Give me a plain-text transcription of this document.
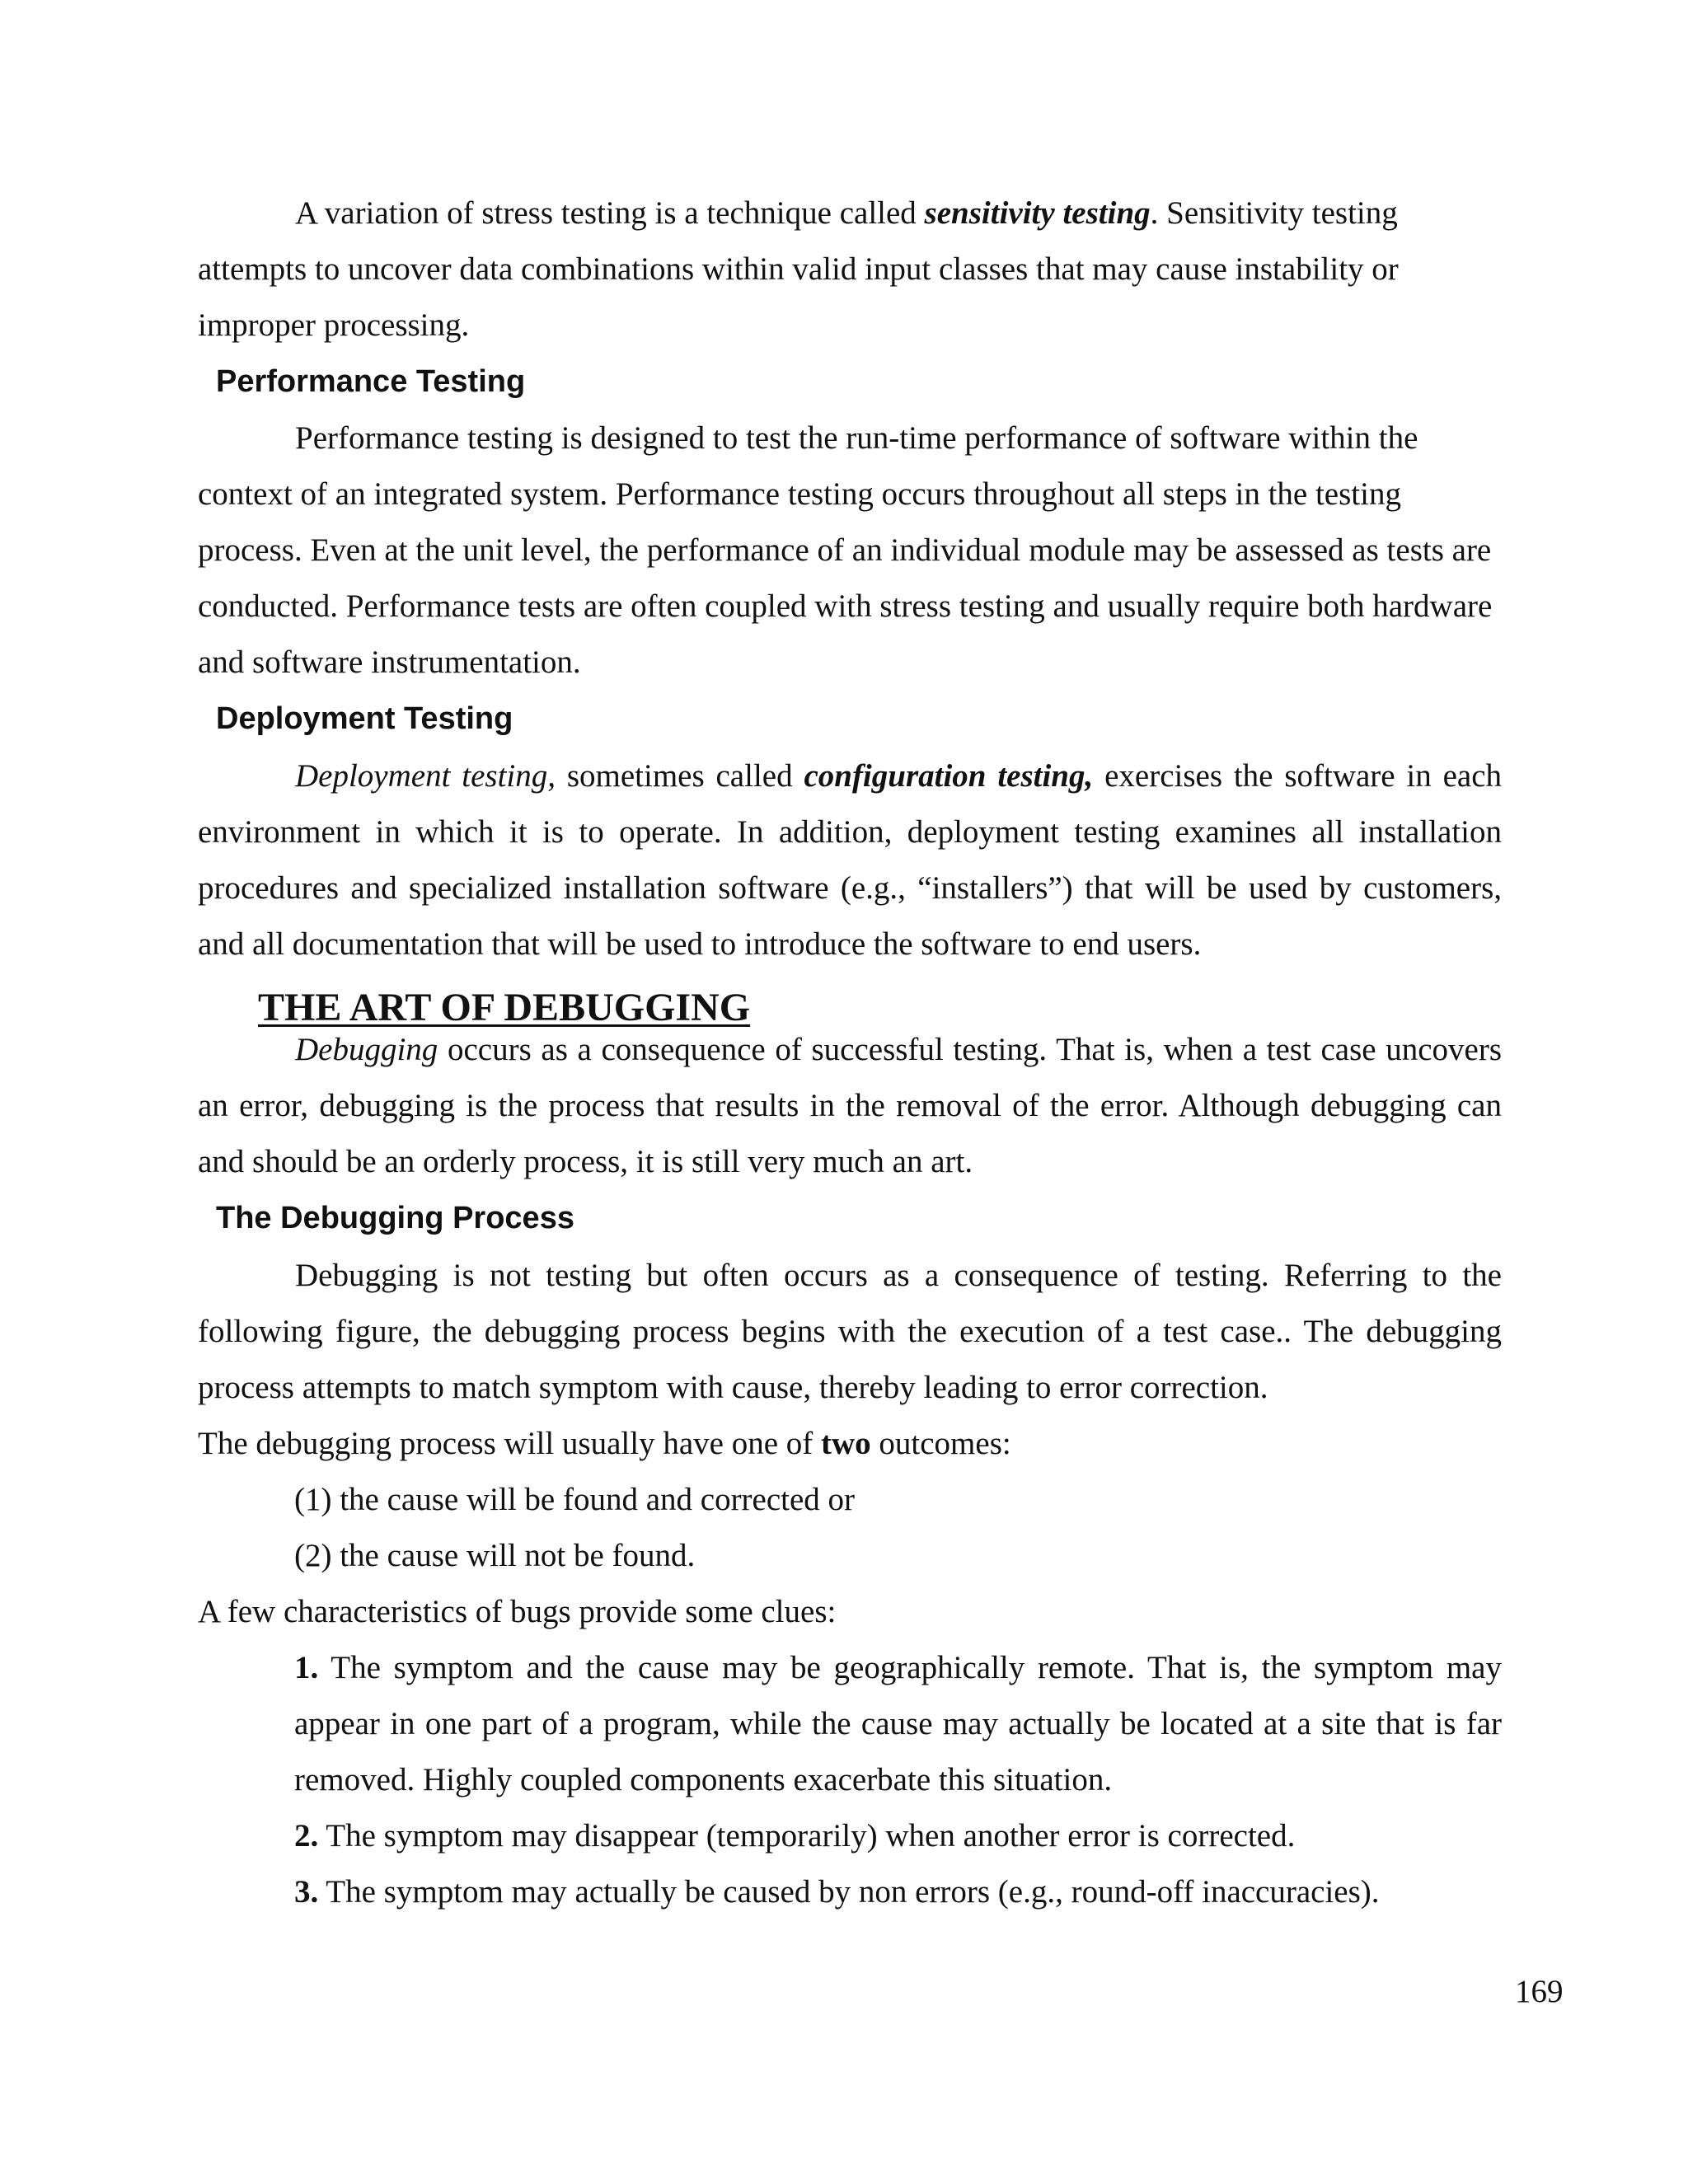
A variation of stress testing is a technique called sensitivity testing. Sensitivity testing attempts to uncover data combinations within valid input classes that may cause instability or improper processing.

Performance Testing

Performance testing is designed to test the run-time performance of software within the context of an integrated system. Performance testing occurs throughout all steps in the testing process. Even at the unit level, the performance of an individual module may be assessed as tests are conducted. Performance tests are often coupled with stress testing and usually require both hardware and software instrumentation.

Deployment Testing

Deployment testing, sometimes called configuration testing, exercises the software in each environment in which it is to operate. In addition, deployment testing examines all installation procedures and specialized installation software (e.g., “installers”) that will be used by customers, and all documentation that will be used to introduce the software to end users.

THE ART OF DEBUGGING

Debugging occurs as a consequence of successful testing. That is, when a test case uncovers an error, debugging is the process that results in the removal of the error. Although debugging can and should be an orderly process, it is still very much an art.

The Debugging Process

Debugging is not testing but often occurs as a consequence of testing. Referring to the following figure, the debugging process begins with the execution of a test case.. The debugging process attempts to match symptom with cause, thereby leading to error correction.

The debugging process will usually have one of two outcomes:

(1) the cause will be found and corrected or

(2) the cause will not be found.

A few characteristics of bugs provide some clues:

1. The symptom and the cause may be geographically remote. That is, the symptom may appear in one part of a program, while the cause may actually be located at a site that is far removed. Highly coupled components exacerbate this situation.

2. The symptom may disappear (temporarily) when another error is corrected.

3. The symptom may actually be caused by non errors (e.g., round-off inaccuracies).

169
